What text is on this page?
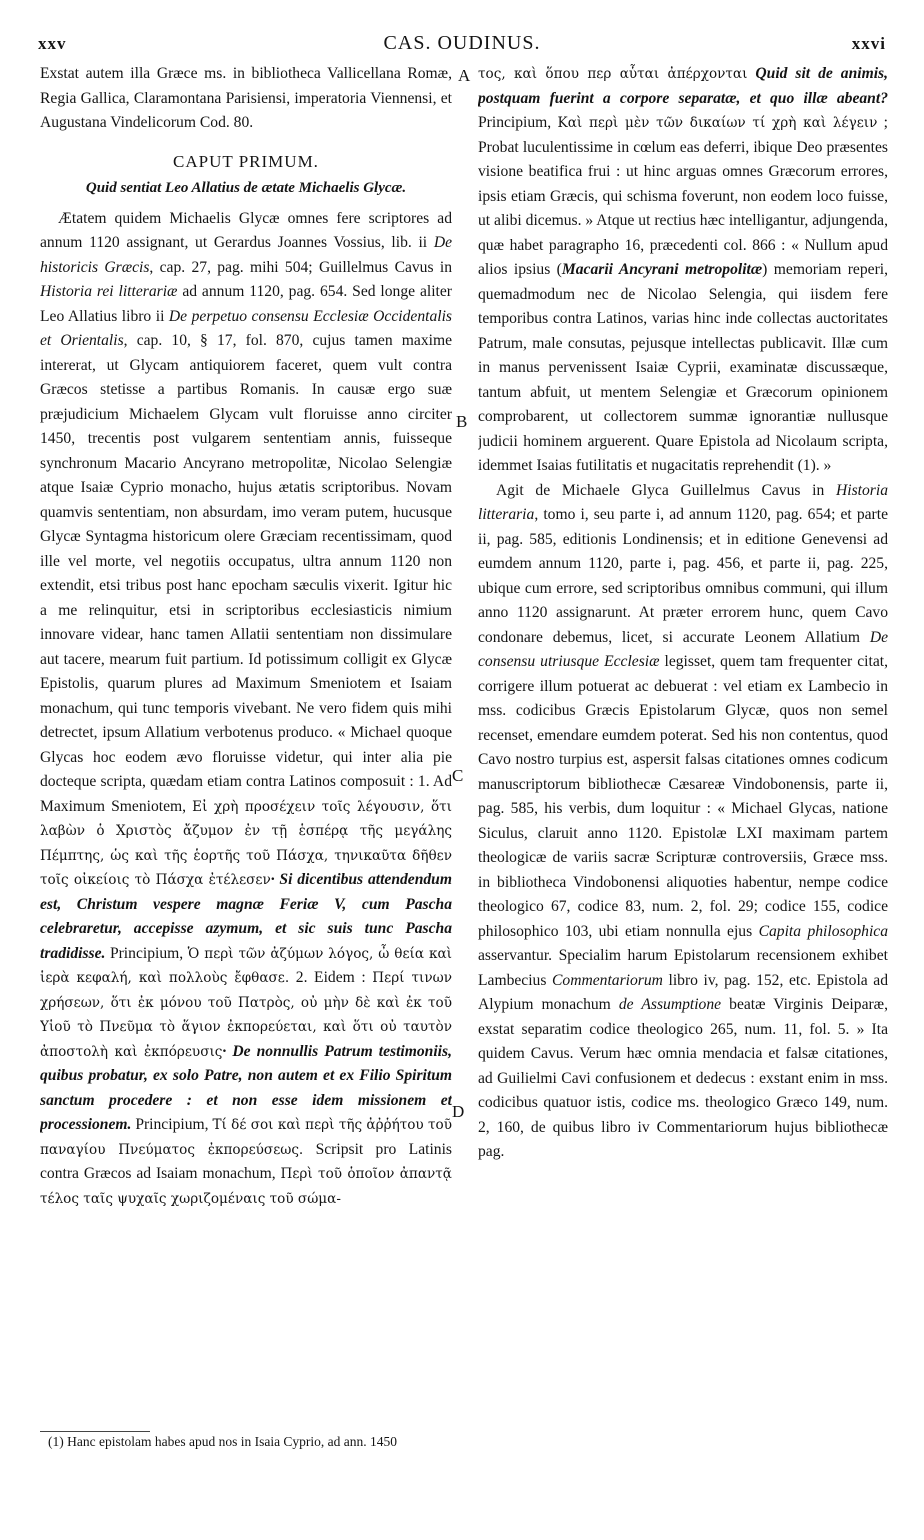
xxv	CAS. OUDINUS.	xxvi

Exstat autem illa Græce ms. in bibliotheca Vallicellana Romæ, Regia Gallica, Claramontana Parisiensi, imperatoria Viennensi, et Augustana Vindelicorum Cod. 80.

CAPUT PRIMUM.
Quid sentiat Leo Allatius de ætate Michaelis Glycæ.

Ætatem quidem Michaelis Glycæ omnes fere scriptores ad annum 1120 assignant, ut Gerardus Joannes Vossius, lib. ii De historicis Græcis, cap. 27, pag. mihi 504; Guillelmus Cavus in Historia rei litterariæ ad annum 1120, pag. 654. Sed longe aliter Leo Allatius libro ii De perpetuo consensu Ecclesiæ Occidentalis et Orientalis, cap. 10, § 17, fol. 870, cujus tamen maxime intererat, ut Glycam antiquiorem faceret, quem vult contra Græcos stetisse a partibus Romanis. In causæ ergo suæ præjudicium Michaelem Glycam vult floruisse anno circiter 1450, trecentis post vulgarem sententiam annis, fuisseque synchronum Macario Ancyrano metropolitæ, Nicolao Selengiæ atque Isaiæ Cyprio monacho, hujus ætatis scriptoribus. Novam quamvis sententiam, non absurdam, imo veram putem, hucusque Glycæ Syntagma historicum olere Græciam recentissimam, quod ille vel morte, vel negotiis occupatus, ultra annum 1120 non extendit, etsi tribus post hanc epocham sæculis vixerit. Igitur hic a me relinquitur, etsi in scriptoribus ecclesiasticis nimium innovare videar, hanc tamen Allatii sententiam non dissimulare aut tacere, mearum fuit partium. Id potissimum colligit ex Glycæ Epistolis, quarum plures ad Maximum Smeniotem et Isaiam monachum, qui tunc temporis vivebant. Ne vero fidem quis mihi detrectet, ipsum Allatium verbotenus produco. « Michael quoque Glycas hoc eodem ævo floruisse videtur, qui inter alia pie docteque scripta, quædam etiam contra Latinos composuit : 1. Ad Maximum Smeniotem, Εἰ χρὴ προσέχειν τοῖς λέγουσιν, ὅτι λαβὼν ὁ Χριστὸς ἄζυμον ἐν τῇ ἑσπέρᾳ τῆς μεγάλης Πέμπτης, ὡς καὶ τῆς ἑορτῆς τοῦ Πάσχα, τηνικαῦτα δῆθεν τοῖς οἰκείοις τὸ Πάσχα ἐτέλεσεν· Si dicentibus attendendum est, Christum vespere magnæ Feriæ V, cum Pascha celebraretur, accepisse azymum, et sic suis tunc Pascha tradidisse. Principium, Ὁ περὶ τῶν ἀζύμων λόγος, ὦ θεία καὶ ἱερὰ κεφαλή, καὶ πολλοὺς ἔφθασε. 2. Eidem : Περί τινων χρήσεων, ὅτι ἐκ μόνου τοῦ Πατρὸς, οὐ μὴν δὲ καὶ ἐκ τοῦ Υἱοῦ τὸ Πνεῦμα τὸ ἅγιον ἐκπορεύεται, καὶ ὅτι οὐ ταυτὸν ἀποστολὴ καὶ ἐκπόρευσις· De nonnullis Patrum testimoniis, quibus probatur, ex solo Patre, non autem et ex Filio Spiritum sanctum procedere : et non esse idem missionem et processionem. Principium, Τί δέ σοι καὶ περὶ τῆς ἀῤῥήτου τοῦ παναγίου Πνεύματος ἐκπορεύσεως. Scripsit pro Latinis contra Græcos ad Isaiam monachum, Περὶ τοῦ ὁποῖον ἀπαντᾷ τέλος ταῖς ψυχαῖς χωριζομέναις τοῦ σώμα-

A
B
C
D

τος, καὶ ὅπου περ αὗται ἀπέρχονται Quid sit de animis, postquam fuerint a corpore separatæ, et quo illæ abeant? Principium, Καὶ περὶ μὲν τῶν δικαίων τί χρὴ καὶ λέγειν ; Probat luculentissime in cœlum eas deferri, ibique Deo præsentes visione beatifica frui : ut hinc arguas omnes Græcorum errores, ipsis etiam Græcis, qui schisma foverunt, non eodem loco fuisse, ut alibi dicemus. » Atque ut rectius hæc intelligantur, adjungenda, quæ habet paragrapho 16, præcedenti col. 866 : « Nullum apud alios ipsius (Macarii Ancyrani metropolitæ) memoriam reperi, quemadmodum nec de Nicolao Selengia, qui iisdem fere temporibus contra Latinos, varias hinc inde collectas auctoritates Patrum, male consutas, pejusque intellectas publicavit. Illæ cum in manus pervenissent Isaiæ Cyprii, examinatæ discussæque, tantum abfuit, ut mentem Selengiæ et Græcorum opinionem comprobarent, ut collectorem summæ ignorantiæ nullusque judicii hominem arguerent. Quare Epistola ad Nicolaum scripta, idemmet Isaias futilitatis et nugacitatis reprehendit (1). »

Agit de Michaele Glyca Guillelmus Cavus in Historia litteraria, tomo i, seu parte i, ad annum 1120, pag. 654; et parte ii, pag. 585, editionis Londinensis; et in editione Genevensi ad eumdem annum 1120, parte i, pag. 456, et parte ii, pag. 225, ubique cum errore, sed scriptoribus omnibus communi, qui illum anno 1120 assignarunt. At præter errorem hunc, quem Cavo condonare debemus, licet, si accurate Leonem Allatium De consensu utriusque Ecclesiæ legisset, quem tam frequenter citat, corrigere illum potuerat ac debuerat : vel etiam ex Lambecio in mss. codicibus Græcis Epistolarum Glycæ, quos non semel recenset, emendare eumdem poterat. Sed his non contentus, quod Cavo nostro turpius est, aspersit falsas citationes omnes codicum manuscriptorum bibliothecæ Cæsareæ Vindobonensis, parte ii, pag. 585, his verbis, dum loquitur : « Michael Glycas, natione Siculus, claruit anno 1120. Epistolæ LXI maximam partem theologicæ de variis sacræ Scripturæ controversiis, Græce mss. in bibliotheca Vindobonensi aliquoties habentur, nempe codice theologico 67, codice 83, num. 2, fol. 29; codice 155, codice philosophico 103, ubi etiam nonnulla ejus Capita philosophica asservantur. Specialim harum Epistolarum recensionem exhibet Lambecius Commentariorum libro iv, pag. 152, etc. Epistola ad Alypium monachum de Assumptione beatæ Virginis Deiparæ, exstat separatim codice theologico 265, num. 11, fol. 5. » Ita quidem Cavus. Verum hæc omnia mendacia et falsæ citationes, ad Guilielmi Cavi confusionem et dedecus : exstant enim in mss. codicibus quatuor istis, codice ms. theologico Græco 149, num. 2, 160, de quibus libro iv Commentariorum hujus bibliothecæ pag.

(1) Hanc epistolam habes apud nos in Isaia Cyprio, ad ann. 1450
